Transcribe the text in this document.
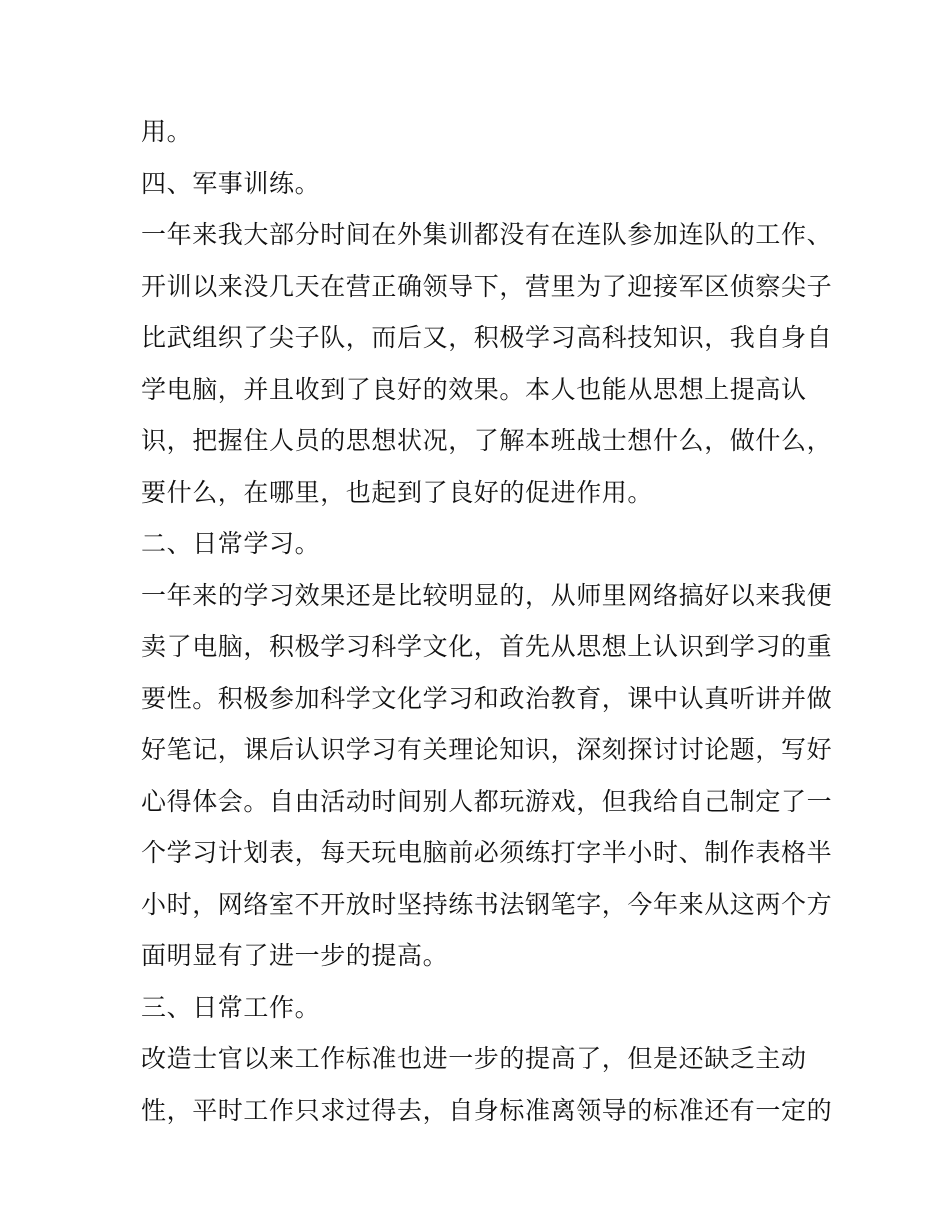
用。
四、军事训练。
一年来我大部分时间在外集训都没有在连队参加连队的工作、
开训以来没几天在营正确领导下，营里为了迎接军区侦察尖子
比武组织了尖子队，而后又，积极学习高科技知识，我自身自
学电脑，并且收到了良好的效果。本人也能从思想上提高认
识，把握住人员的思想状况，了解本班战士想什么，做什么，
要什么，在哪里，也起到了良好的促进作用。
二、日常学习。
一年来的学习效果还是比较明显的，从师里网络搞好以来我便
卖了电脑，积极学习科学文化，首先从思想上认识到学习的重
要性。积极参加科学文化学习和政治教育，课中认真听讲并做
好笔记，课后认识学习有关理论知识，深刻探讨讨论题，写好
心得体会。自由活动时间别人都玩游戏，但我给自己制定了一
个学习计划表，每天玩电脑前必须练打字半小时、制作表格半
小时，网络室不开放时坚持练书法钢笔字，今年来从这两个方
面明显有了进一步的提高。
三、日常工作。
改造士官以来工作标准也进一步的提高了，但是还缺乏主动
性，平时工作只求过得去，自身标准离领导的标准还有一定的
